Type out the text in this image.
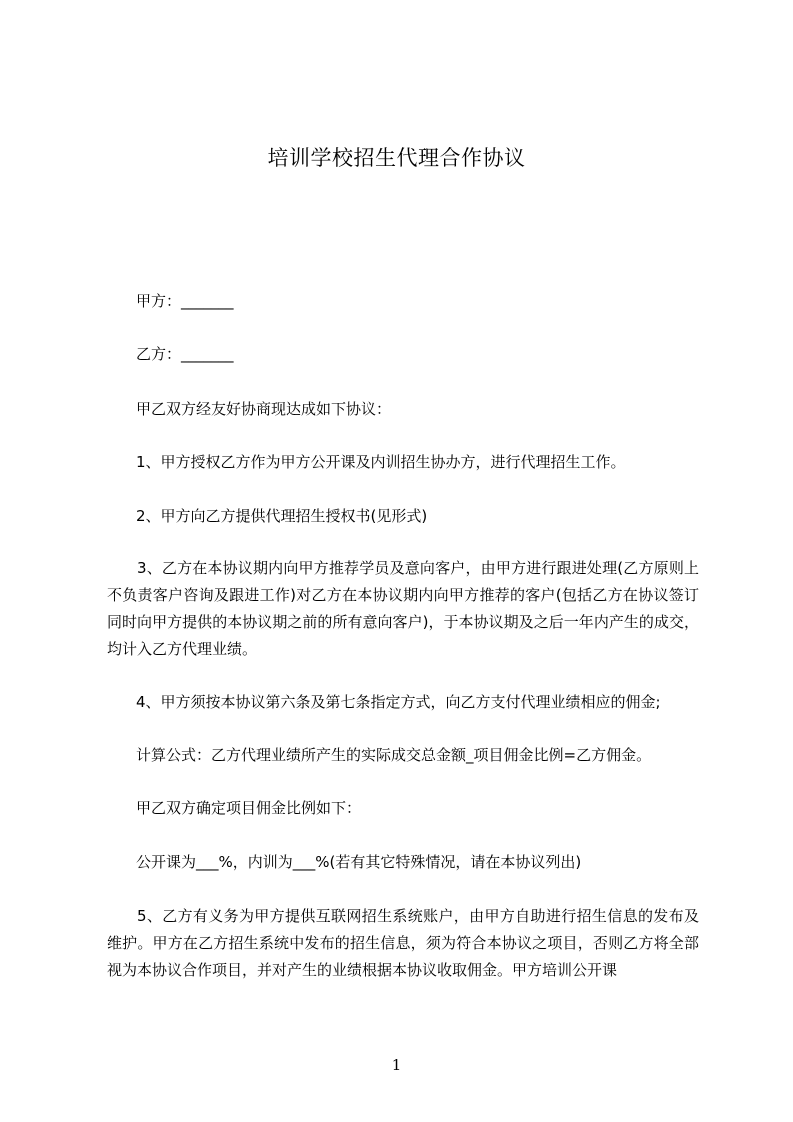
培训学校招生代理合作协议
甲方：_______
乙方：_______
甲乙双方经友好协商现达成如下协议：
1、甲方授权乙方作为甲方公开课及内训招生协办方，进行代理招生工作。
2、甲方向乙方提供代理招生授权书(见形式)
3、乙方在本协议期内向甲方推荐学员及意向客户，由甲方进行跟进处理(乙方原则上不负责客户咨询及跟进工作)对乙方在本协议期内向甲方推荐的客户(包括乙方在协议签订同时向甲方提供的本协议期之前的所有意向客户)，于本协议期及之后一年内产生的成交，均计入乙方代理业绩。
4、甲方须按本协议第六条及第七条指定方式，向乙方支付代理业绩相应的佣金;
计算公式：乙方代理业绩所产生的实际成交总金额_项目佣金比例=乙方佣金。
甲乙双方确定项目佣金比例如下：
公开课为___%，内训为___%(若有其它特殊情况，请在本协议列出)
5、乙方有义务为甲方提供互联网招生系统账户，由甲方自助进行招生信息的发布及维护。甲方在乙方招生系统中发布的招生信息，须为符合本协议之项目，否则乙方将全部视为本协议合作项目，并对产生的业绩根据本协议收取佣金。甲方培训公开课
1
